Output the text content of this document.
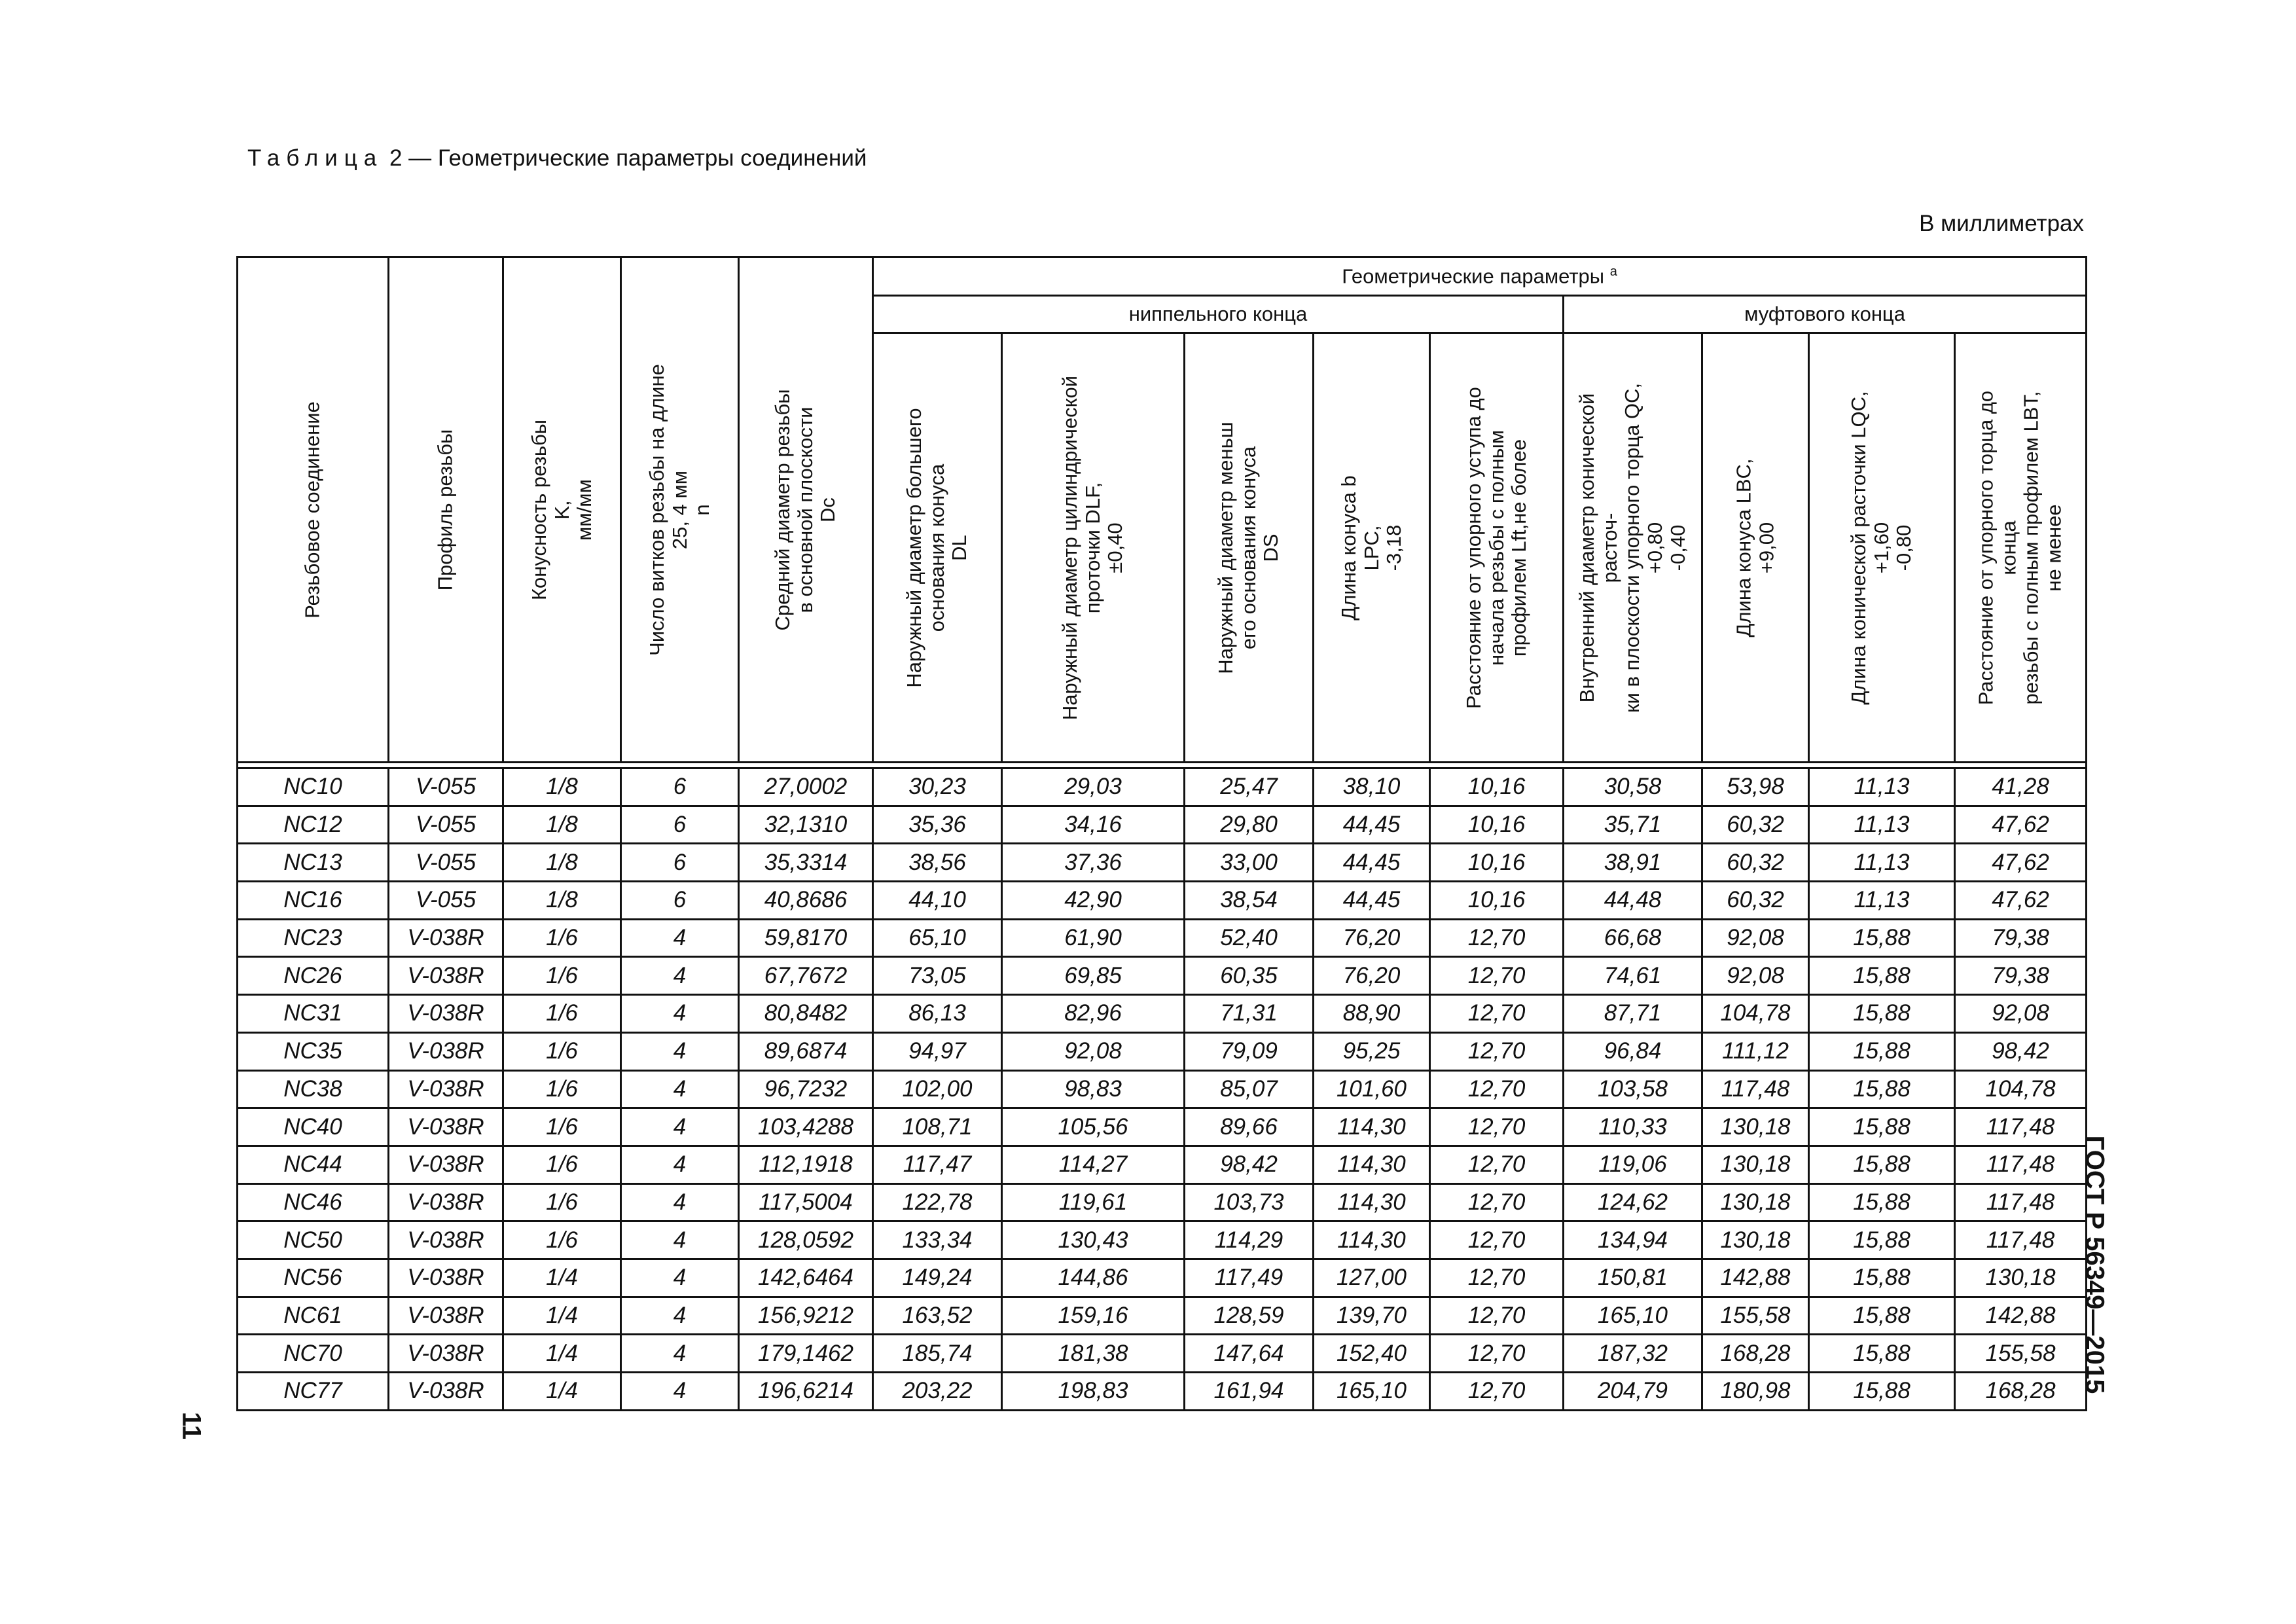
Таблица 2 — Геометрические параметры соединений
В миллиметрах
Резьбовое соединение	Профиль резьбы	Конусность резьбы K, мм/мм	Число витков резьбы на длине 25, 4 мм n	Средний диаметр резьбы в основной плоскости Dc	Геометрические параметры $^a$
					ниппельного конца					муфтового конца			

					Наружный диаметр большего основания конуса DL	Наружный диаметр цилиндрической проточки DLF, ±0,40	Наружный диаметр меньш его основания конуса DS	Длина конуса b LPC, -3,18	Расстояние от упорного уступа до начала резьбы с полным профилем Lft,не более	Внутренний диаметр конической расточ- ки в плоскости упорного торца QC, +0,80 -0,40	Длина конуса LBC, +9,00	Длина конической расточки LQC, +1,60 -0,80	Расстояние от упорного торца до конца резьбы с полным профилем LBT, не менее

NC10	V-055	1/8	6	27,0002	30,23	29,03	25,47	38,10	10,16	30,58	53,98	11,13	41,28
NC12	V-055	1/8	6	32,1310	35,36	34,16	29,80	44,45	10,16	35,71	60,32	11,13	47,62
NC13	V-055	1/8	6	35,3314	38,56	37,36	33,00	44,45	10,16	38,91	60,32	11,13	47,62
NC16	V-055	1/8	6	40,8686	44,10	42,90	38,54	44,45	10,16	44,48	60,32	11,13	47,62
NC23	V-038R	1/6	4	59,8170	65,10	61,90	52,40	76,20	12,70	66,68	92,08	15,88	79,38
NC26	V-038R	1/6	4	67,7672	73,05	69,85	60,35	76,20	12,70	74,61	92,08	15,88	79,38
NC31	V-038R	1/6	4	80,8482	86,13	82,96	71,31	88,90	12,70	87,71	104,78	15,88	92,08
NC35	V-038R	1/6	4	89,6874	94,97	92,08	79,09	95,25	12,70	96,84	111,12	15,88	98,42
NC38	V-038R	1/6	4	96,7232	102,00	98,83	85,07	101,60	12,70	103,58	117,48	15,88	104,78
NC40	V-038R	1/6	4	103,4288	108,71	105,56	89,66	114,30	12,70	110,33	130,18	15,88	117,48
NC44	V-038R	1/6	4	112,1918	117,47	114,27	98,42	114,30	12,70	119,06	130,18	15,88	117,48
NC46	V-038R	1/6	4	117,5004	122,78	119,61	103,73	114,30	12,70	124,62	130,18	15,88	117,48
NC50	V-038R	1/6	4	128,0592	133,34	130,43	114,29	114,30	12,70	134,94	130,18	15,88	117,48
NC56	V-038R	1/4	4	142,6464	149,24	144,86	117,49	127,00	12,70	150,81	142,88	15,88	130,18
NC61	V-038R	1/4	4	156,9212	163,52	159,16	128,59	139,70	12,70	165,10	155,58	15,88	142,88
NC70	V-038R	1/4	4	179,1462	185,74	181,38	147,64	152,40	12,70	187,32	168,28	15,88	155,58
NC77	V-038R	1/4	4	196,6214	203,22	198,83	161,94	165,10	12,70	204,79	180,98	15,88	168,28 ГОСТ Р 56349—2015
11
